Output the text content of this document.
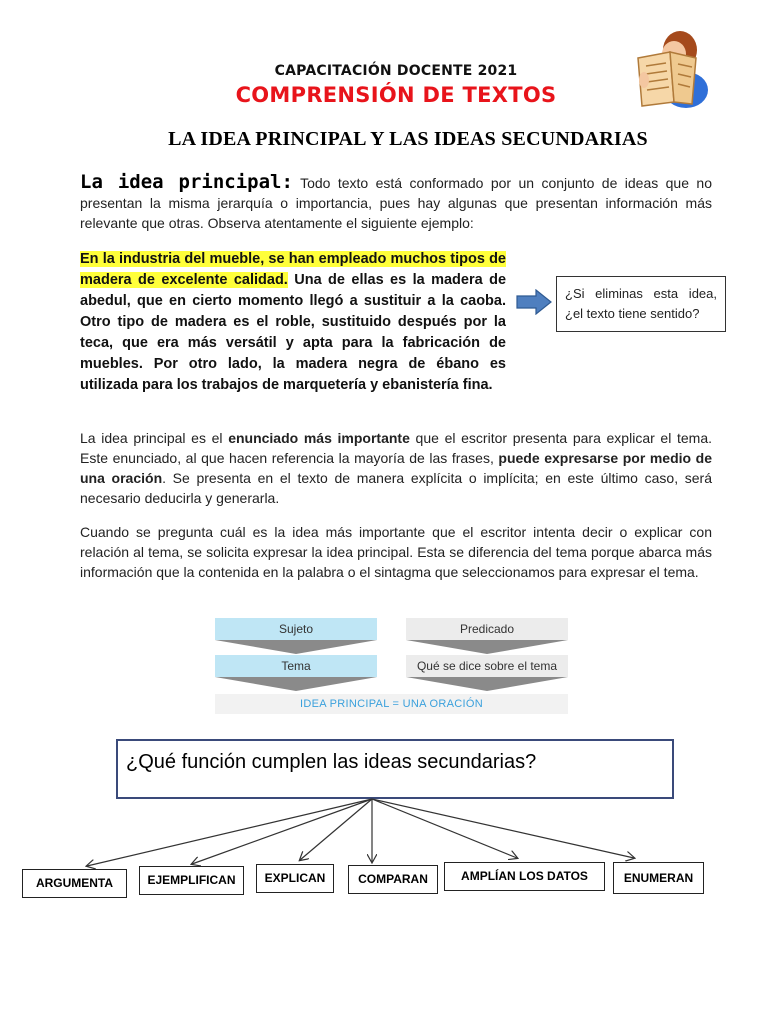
CAPACITACIÓN DOCENTE 2021
COMPRENSIÓN DE TEXTOS
LA IDEA PRINCIPAL Y LAS IDEAS SECUNDARIAS
La idea principal: Todo texto está conformado por un conjunto de ideas que no presentan la misma jerarquía o importancia, pues hay algunas que presentan información más relevante que otras. Observa atentamente el siguiente ejemplo:
En la industria del mueble, se han empleado muchos tipos de madera de excelente calidad. Una de ellas es la madera de abedul, que en cierto momento llegó a sustituir a la caoba. Otro tipo de madera es el roble, sustituido después por la teca, que era más versátil y apta para la fabricación de muebles. Por otro lado, la madera negra de ébano es utilizada para los trabajos de marquetería y ebanistería fina.
¿Si eliminas esta idea, ¿el texto tiene sentido?
La idea principal es el enunciado más importante que el escritor presenta para explicar el tema. Este enunciado, al que hacen referencia la mayoría de las frases, puede expresarse por medio de una oración. Se presenta en el texto de manera explícita o implícita; en este último caso, será necesario deducirla y generarla.
Cuando se pregunta cuál es la idea más importante que el escritor intenta decir o explicar con relación al tema, se solicita expresar la idea principal. Esta se diferencia del tema porque abarca más información que la contenida en la palabra o el sintagma que seleccionamos para expresar el tema.
Sujeto	Predicado
Tema	Qué se dice sobre el tema
IDEA PRINCIPAL = UNA ORACIÓN
¿Qué función cumplen las ideas secundarias?
ARGUMENTA	EJEMPLIFICAN	EXPLICAN	COMPARAN	AMPLÍAN LOS DATOS	ENUMERAN
